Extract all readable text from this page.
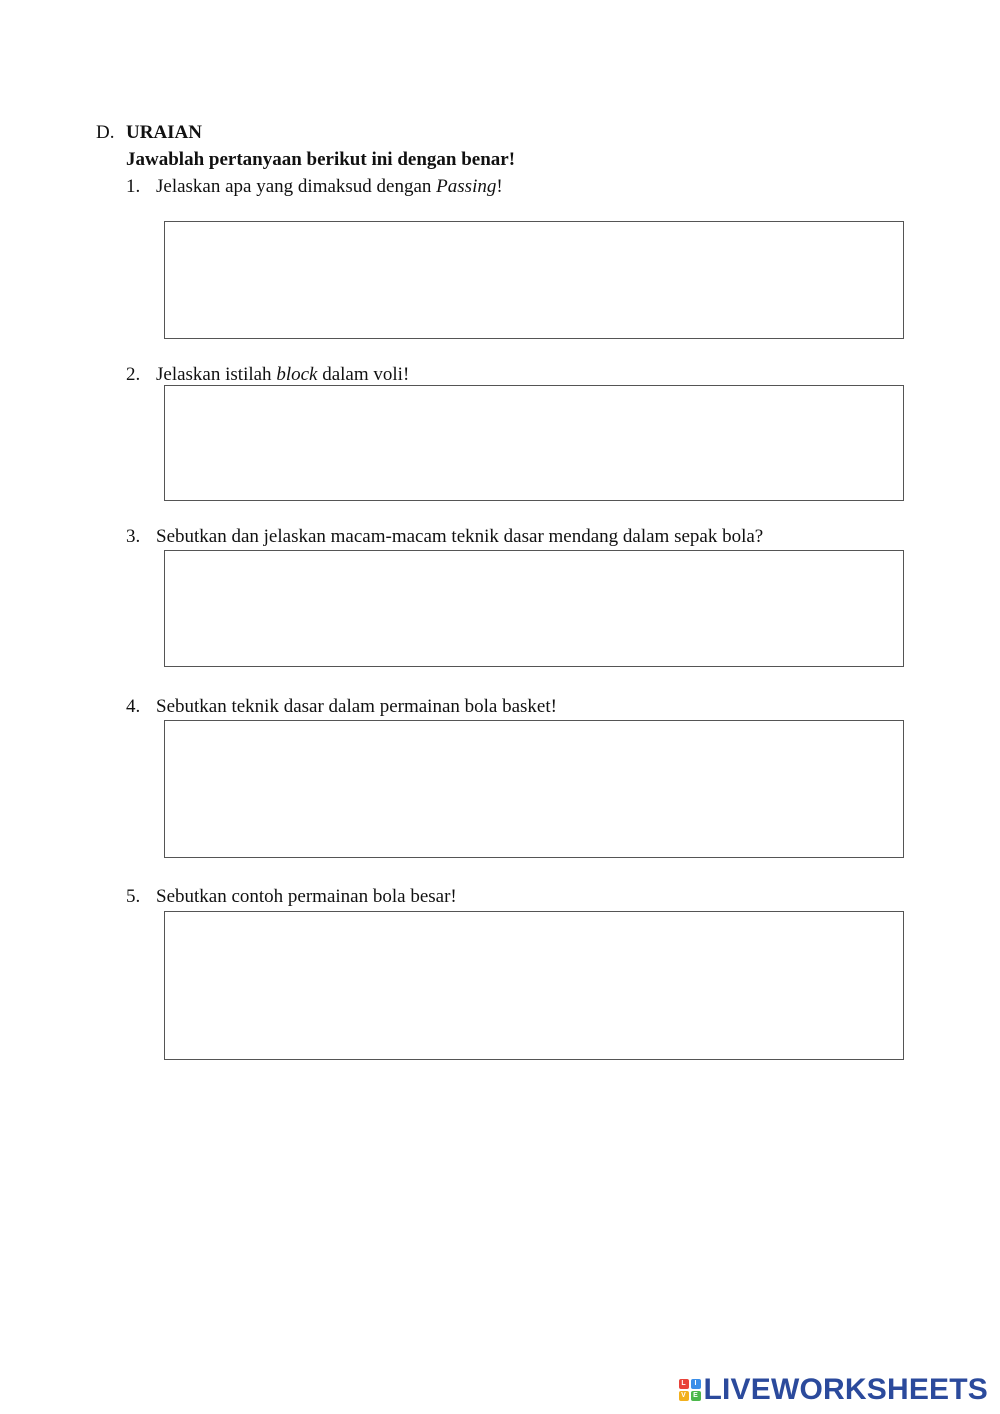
D. URAIAN
Jawablah pertanyaan berikut ini dengan benar!
1. Jelaskan apa yang dimaksud dengan Passing!
2. Jelaskan istilah block dalam voli!
3. Sebutkan dan jelaskan macam-macam teknik dasar mendang dalam sepak bola?
4. Sebutkan teknik dasar dalam permainan bola basket!
5. Sebutkan contoh permainan bola besar!
L	I
V	E LIVEWORKSHEETS
